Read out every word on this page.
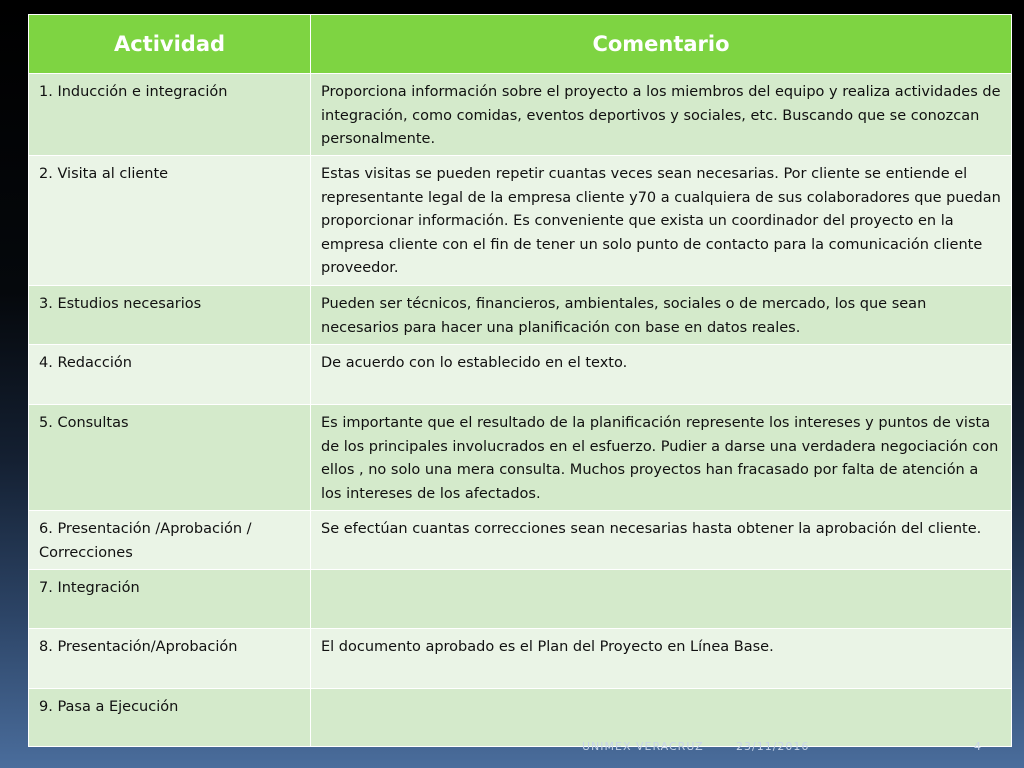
Actividad	Comentario
1. Inducción e integración	Proporciona información sobre el proyecto a los miembros del equipo y realiza actividades de integración, como comidas, eventos deportivos y sociales, etc. Buscando que se conozcan personalmente.
2. Visita al cliente	Estas visitas se pueden repetir cuantas veces sean necesarias. Por cliente se entiende el representante legal de la empresa cliente y70 a cualquiera de sus colaboradores que puedan proporcionar información. Es conveniente que exista un coordinador del proyecto en la empresa cliente con el fin de tener un solo punto de contacto para la comunicación cliente proveedor.
3. Estudios necesarios	Pueden ser técnicos, financieros, ambientales, sociales o de mercado, los que sean necesarios para hacer una planificación con base en datos reales.
4. Redacción	De acuerdo con lo establecido en el texto.
5. Consultas	Es importante que el resultado de la planificación represente los intereses y puntos de vista de los principales involucrados en el esfuerzo. Pudier a darse una verdadera negociación con ellos , no solo una mera consulta. Muchos proyectos han fracasado por falta de atención a los intereses de los afectados.
6. Presentación /Aprobación / Correcciones	Se efectúan cuantas correcciones sean necesarias hasta obtener la aprobación del cliente.
7. Integración	
8. Presentación/Aprobación	El documento aprobado es el Plan del Proyecto en Línea Base.
9. Pasa a Ejecución	
UNIMEX VERACRUZ	23/11/2016	4
